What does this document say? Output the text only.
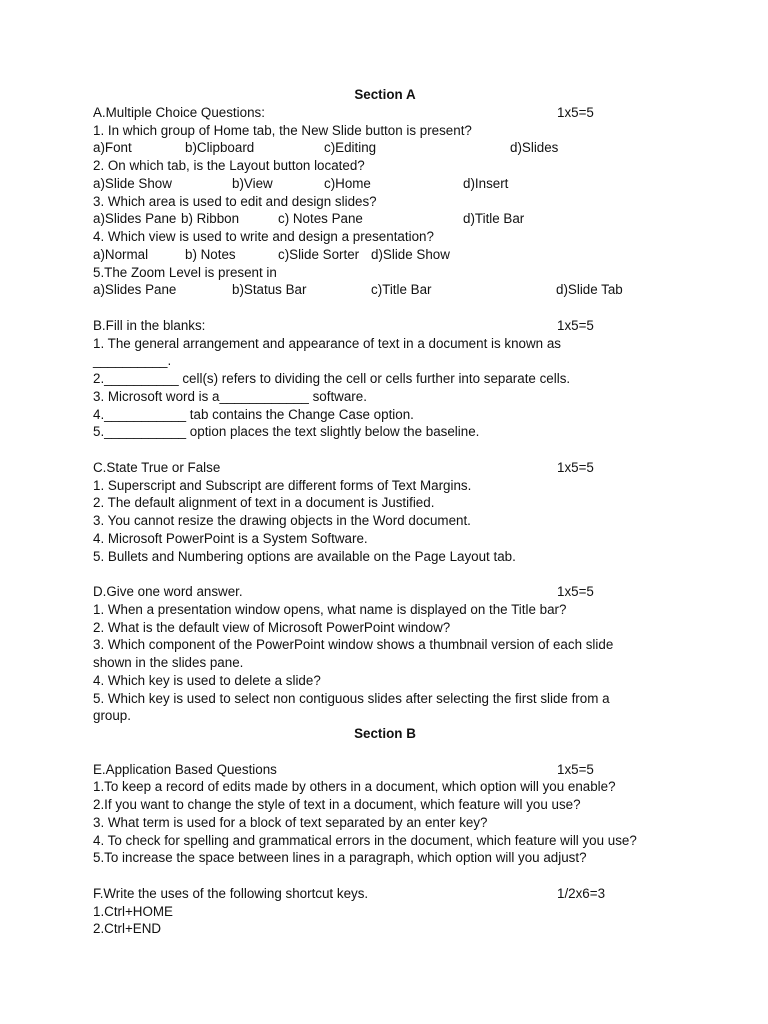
Section A
A.Multiple Choice Questions:	1x5=5
1. In which group of Home tab, the New Slide button is present?
a)Font	b)Clipboard	c)Editing	d)Slides
2. On which tab, is the Layout button located?
a)Slide Show	b)View	c)Home	d)Insert
3. Which area is used to edit and design slides?
a)Slides Pane b) Ribbon	c) Notes Pane	d)Title Bar
4. Which view is used to write and design a presentation?
a)Normal	b) Notes	c)Slide Sorter d)Slide Show
5.The Zoom Level is present in
a)Slides Pane	b)Status Bar	c)Title Bar	d)Slide Tab
B.Fill in the blanks:	1x5=5
1. The general arrangement and appearance of text in a document is known as
__________.
2.__________ cell(s) refers to dividing the cell or cells further into separate cells.
3. Microsoft word is a____________ software.
4.___________ tab contains the Change Case option.
5.___________ option places the text slightly below the baseline.
C.State True or False	1x5=5
1. Superscript and Subscript are different forms of Text Margins.
2. The default alignment of text in a document is Justified.
3. You cannot resize the drawing objects in the Word document.
4. Microsoft PowerPoint is a System Software.
5. Bullets and Numbering options are available on the Page Layout tab.
D.Give one word answer.	1x5=5
1. When a presentation window opens, what name is displayed on the Title bar?
2. What is the default view of Microsoft PowerPoint window?
3. Which component of the PowerPoint window shows a thumbnail version of each slide
shown in the slides pane.
4. Which key is used to delete a slide?
5. Which key is used to select non contiguous slides after selecting the first slide from a
group.
Section B
E.Application Based Questions	1x5=5
1.To keep a record of edits made by others in a document, which option will you enable?
2.If you want to change the style of text in a document, which feature will you use?
3. What term is used for a block of text separated by an enter key?
4. To check for spelling and grammatical errors in the document, which feature will you use?
5.To increase the space between lines in a paragraph, which option will you adjust?
F.Write the uses of the following shortcut keys.	1/2x6=3
1.Ctrl+HOME
2.Ctrl+END
